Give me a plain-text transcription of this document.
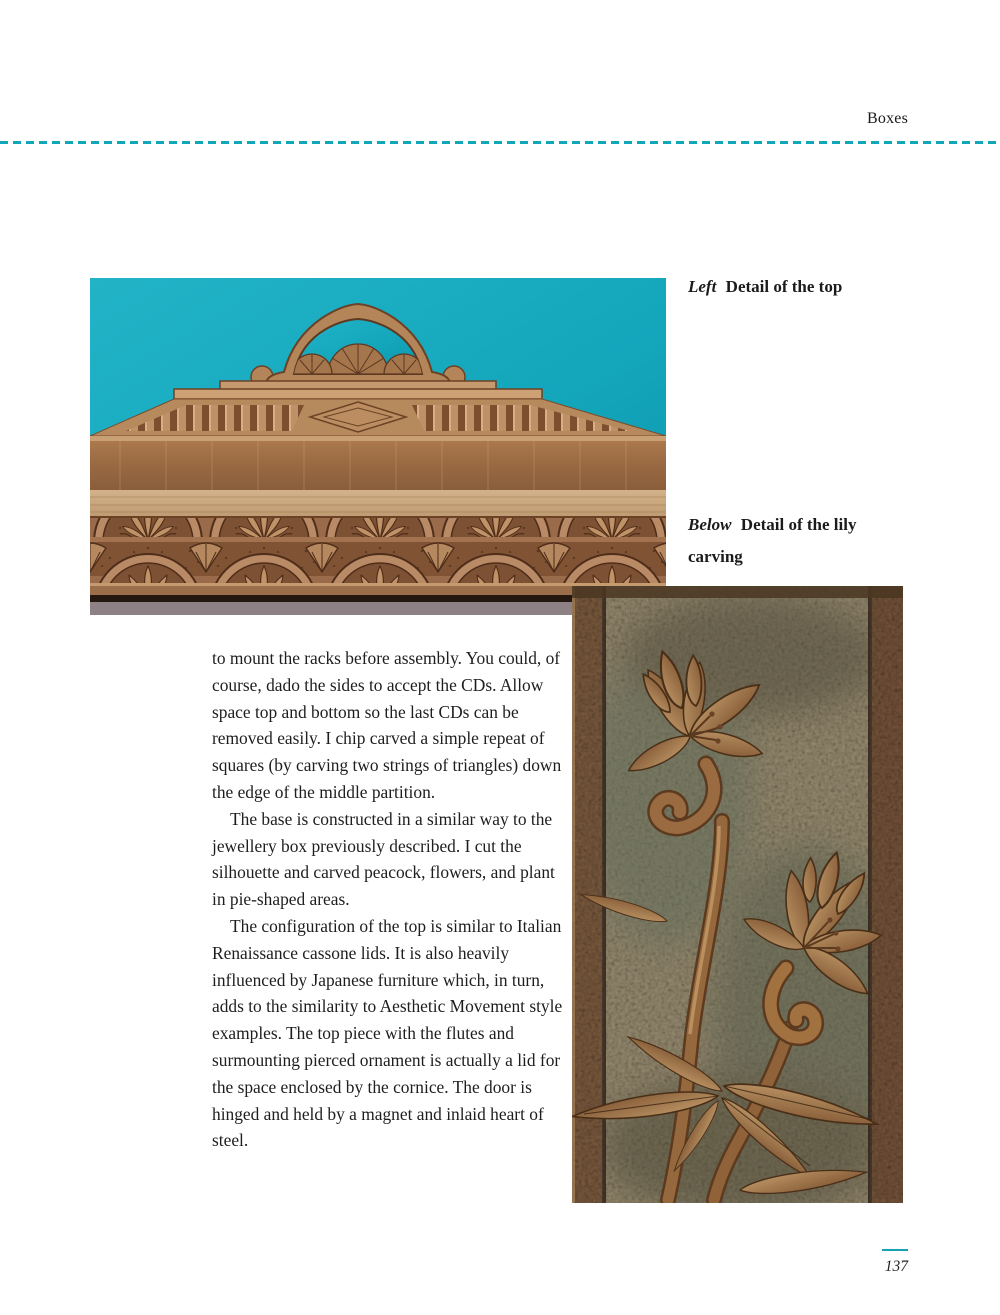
Boxes
Left Detail of the top
Below Detail of the lily carving

to mount the racks before assembly. You could, of course, dado the sides to accept the CDs. Allow space top and bottom so the last CDs can be removed easily. I chip carved a simple repeat of squares (by carving two strings of triangles) down the edge of the middle partition.

The base is constructed in a similar way to the jewellery box previously described. I cut the silhouette and carved peacock, flowers, and plant in pie-shaped areas.

The configuration of the top is similar to Italian Renaissance cassone lids. It is also heavily influenced by Japanese furniture which, in turn, adds to the similarity to Aesthetic Movement style examples. The top piece with the flutes and surmounting pierced ornament is actually a lid for the space enclosed by the cornice. The door is hinged and held by a magnet and inlaid heart of steel.

137
